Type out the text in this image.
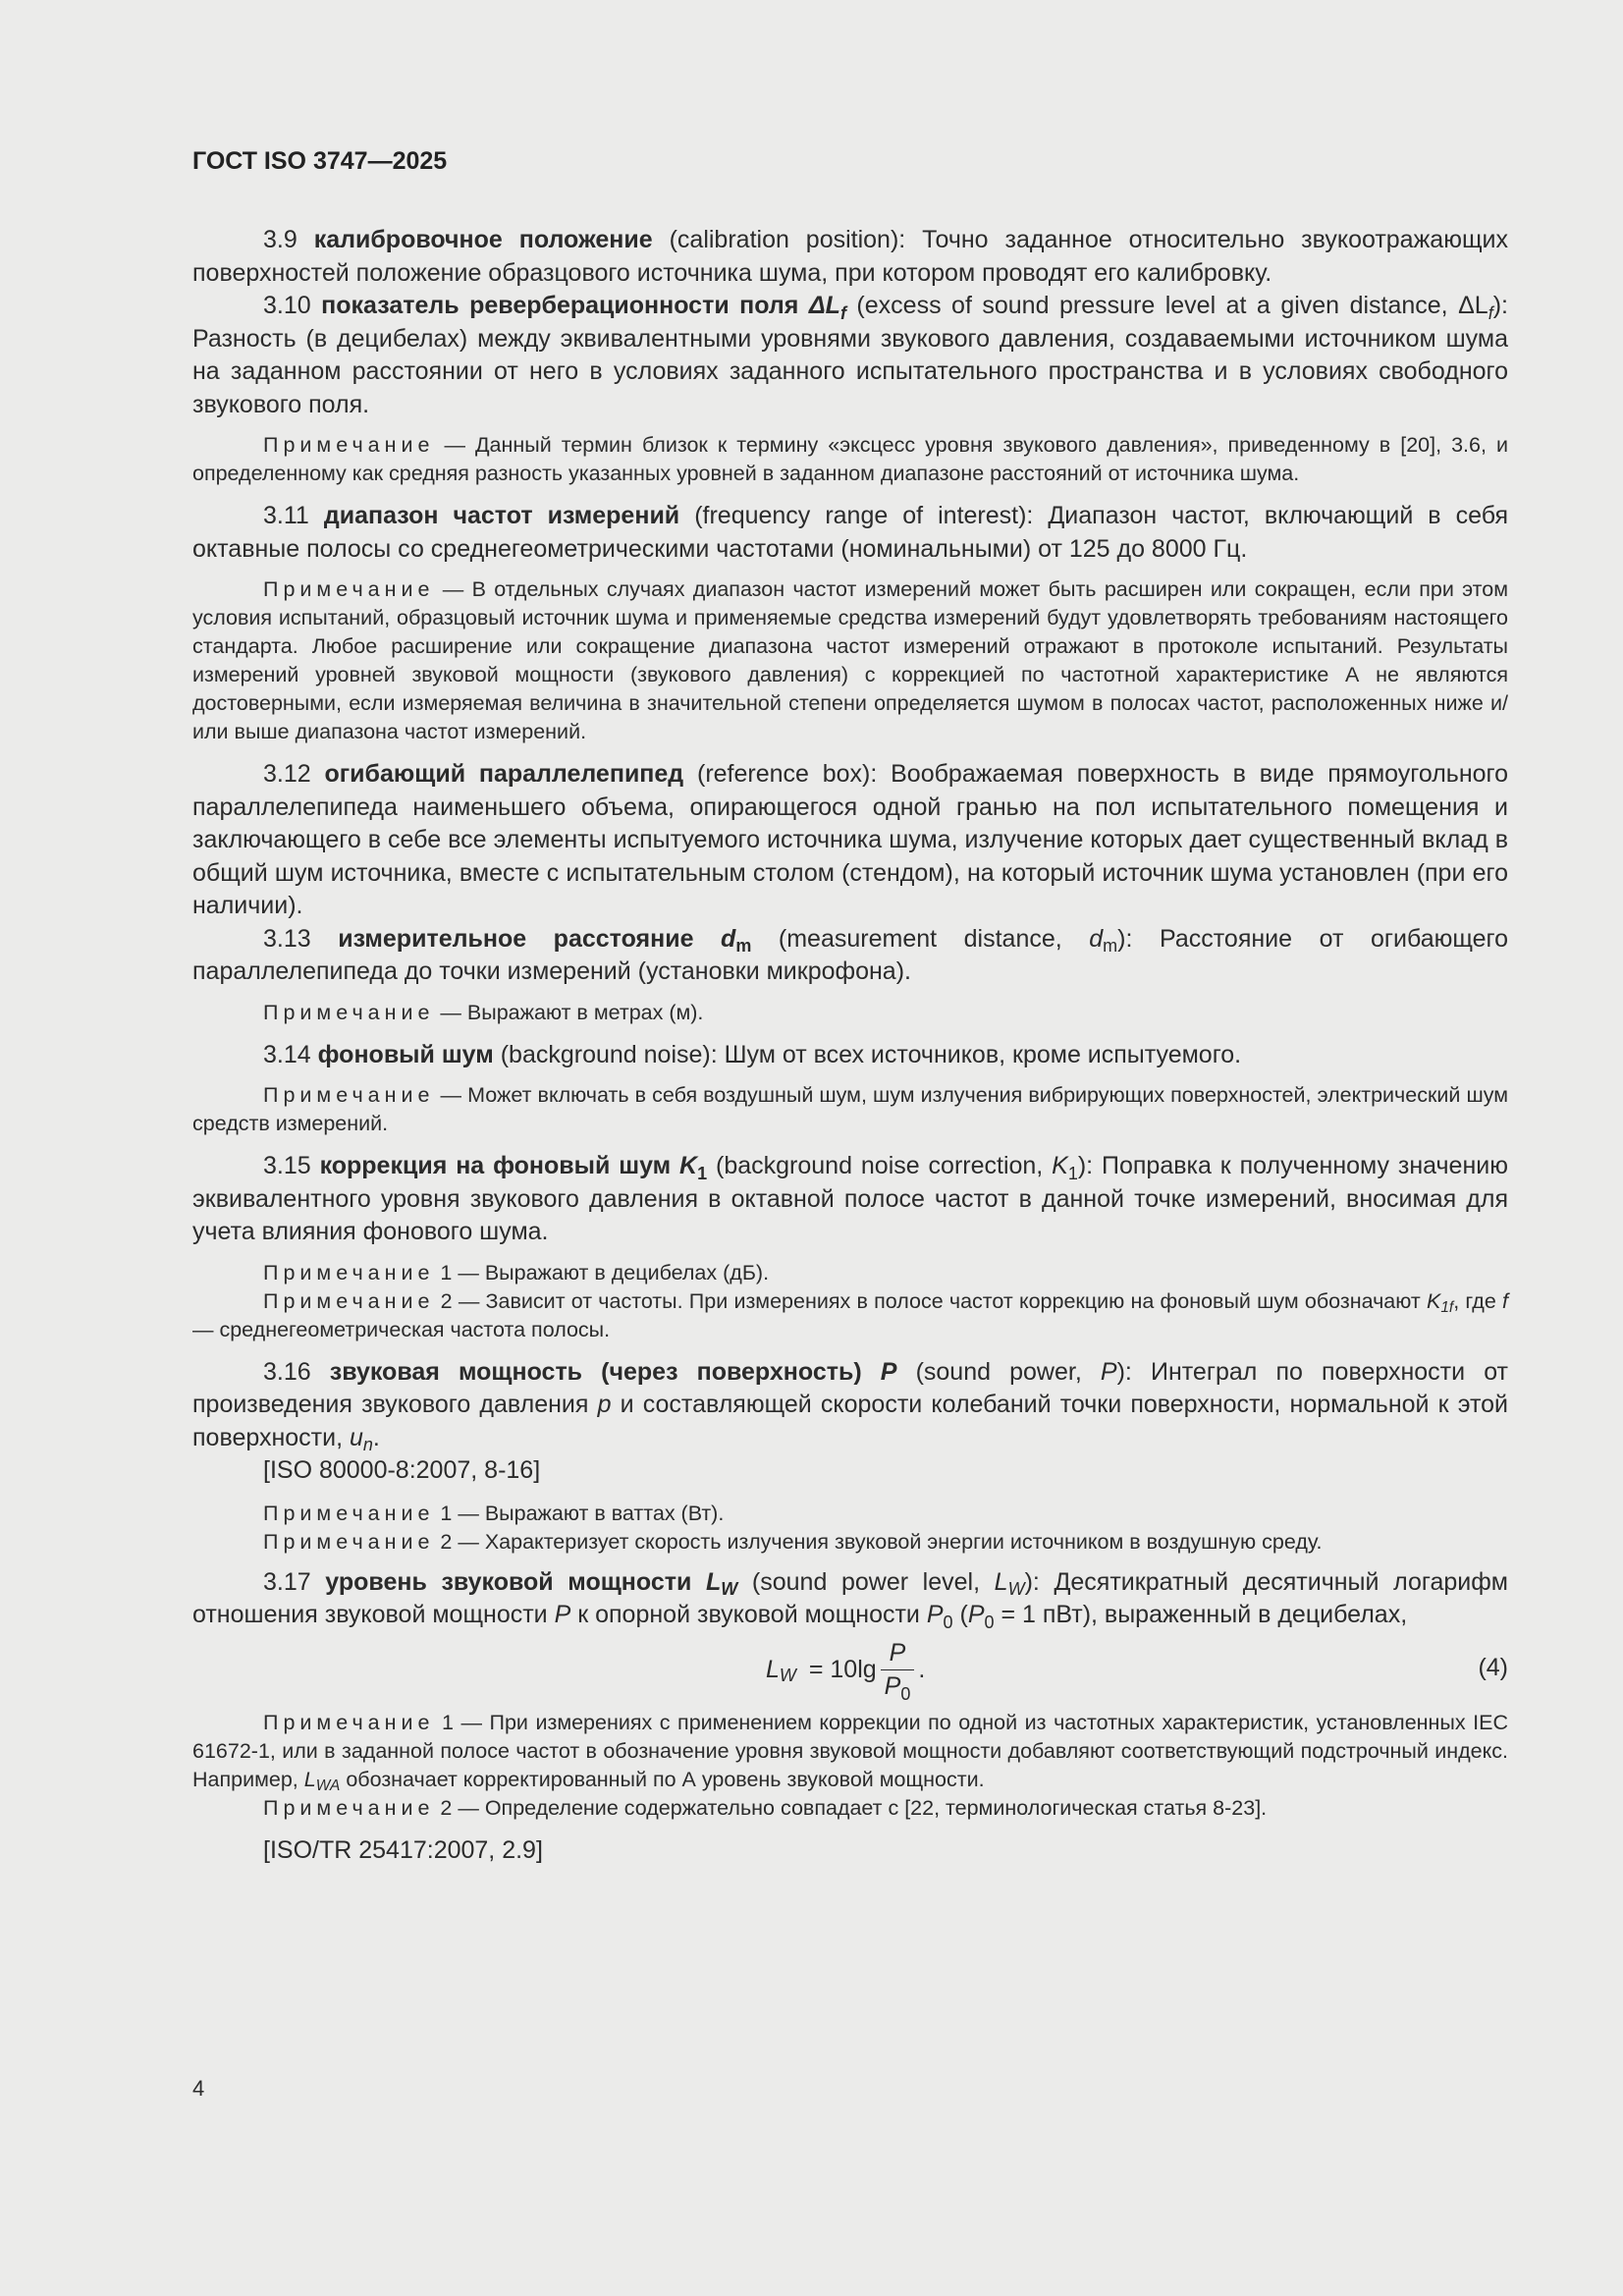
ГОСТ ISO 3747—2025

3.9 калибровочное положение (calibration position): Точно заданное относительно звукоотражающих поверхностей положение образцового источника шума, при котором проводят его калибровку.

3.10 показатель реверберационности поля $\Delta L_f$ (excess of sound pressure level at a given distance, $\Delta L_f$): Разность (в децибелах) между эквивалентными уровнями звукового давления, создаваемыми источником шума на заданном расстоянии от него в условиях заданного испытательного пространства и в условиях свободного звукового поля.

Примечание — Данный термин близок к термину «эксцесс уровня звукового давления», приведенному в [20], 3.6, и определенному как средняя разность указанных уровней в заданном диапазоне расстояний от источника шума.

3.11 диапазон частот измерений (frequency range of interest): Диапазон частот, включающий в себя октавные полосы со среднегеометрическими частотами (номинальными) от 125 до 8000 Гц.

Примечание — В отдельных случаях диапазон частот измерений может быть расширен или сокращен, если при этом условия испытаний, образцовый источник шума и применяемые средства измерений будут удовлетворять требованиям настоящего стандарта. Любое расширение или сокращение диапазона частот измерений отражают в протоколе испытаний. Результаты измерений уровней звуковой мощности (звукового давления) с коррекцией по частотной характеристике А не являются достоверными, если измеряемая величина в значительной степени определяется шумом в полосах частот, расположенных ниже и/или выше диапазона частот измерений.

3.12 огибающий параллелепипед (reference box): Воображаемая поверхность в виде прямоугольного параллелепипеда наименьшего объема, опирающегося одной гранью на пол испытательного помещения и заключающего в себе все элементы испытуемого источника шума, излучение которых дает существенный вклад в общий шум источника, вместе с испытательным столом (стендом), на который источник шума установлен (при его наличии).

3.13 измерительное расстояние $d_m$ (measurement distance, $d_m$): Расстояние от огибающего параллелепипеда до точки измерений (установки микрофона).

Примечание — Выражают в метрах (м).

3.14 фоновый шум (background noise): Шум от всех источников, кроме испытуемого.

Примечание — Может включать в себя воздушный шум, шум излучения вибрирующих поверхностей, электрический шум средств измерений.

3.15 коррекция на фоновый шум $K_1$ (background noise correction, $K_1$): Поправка к полученному значению эквивалентного уровня звукового давления в октавной полосе частот в данной точке измерений, вносимая для учета влияния фонового шума.

Примечание 1 — Выражают в децибелах (дБ).

Примечание 2 — Зависит от частоты. При измерениях в полосе частот коррекцию на фоновый шум обозначают $K_{1f}$, где f — среднегеометрическая частота полосы.

3.16 звуковая мощность (через поверхность) P (sound power, P): Интеграл по поверхности от произведения звукового давления p и составляющей скорости колебаний точки поверхности, нормальной к этой поверхности, $u_n$.

[ISO 80000-8:2007, 8-16]

Примечание 1 — Выражают в ваттах (Вт).

Примечание 2 — Характеризует скорость излучения звуковой энергии источником в воздушную среду.

3.17 уровень звуковой мощности $L_W$ (sound power level, $L_W$): Десятикратный десятичный логарифм отношения звуковой мощности P к опорной звуковой мощности $P_0$ ($P_0 = 1$ пВт), выраженный в децибелах,

L $_W = 10\lg \frac{P}{P_0}$ .	(4)

Примечание 1 — При измерениях с применением коррекции по одной из частотных характеристик, установленных IEC 61672-1, или в заданной полосе частот в обозначение уровня звуковой мощности добавляют соответствующий подстрочный индекс. Например, $L_{WA}$ обозначает корректированный по А уровень звуковой мощности.

Примечание 2 — Определение содержательно совпадает с [22, терминологическая статья 8-23].

[ISO/TR 25417:2007, 2.9]

4
